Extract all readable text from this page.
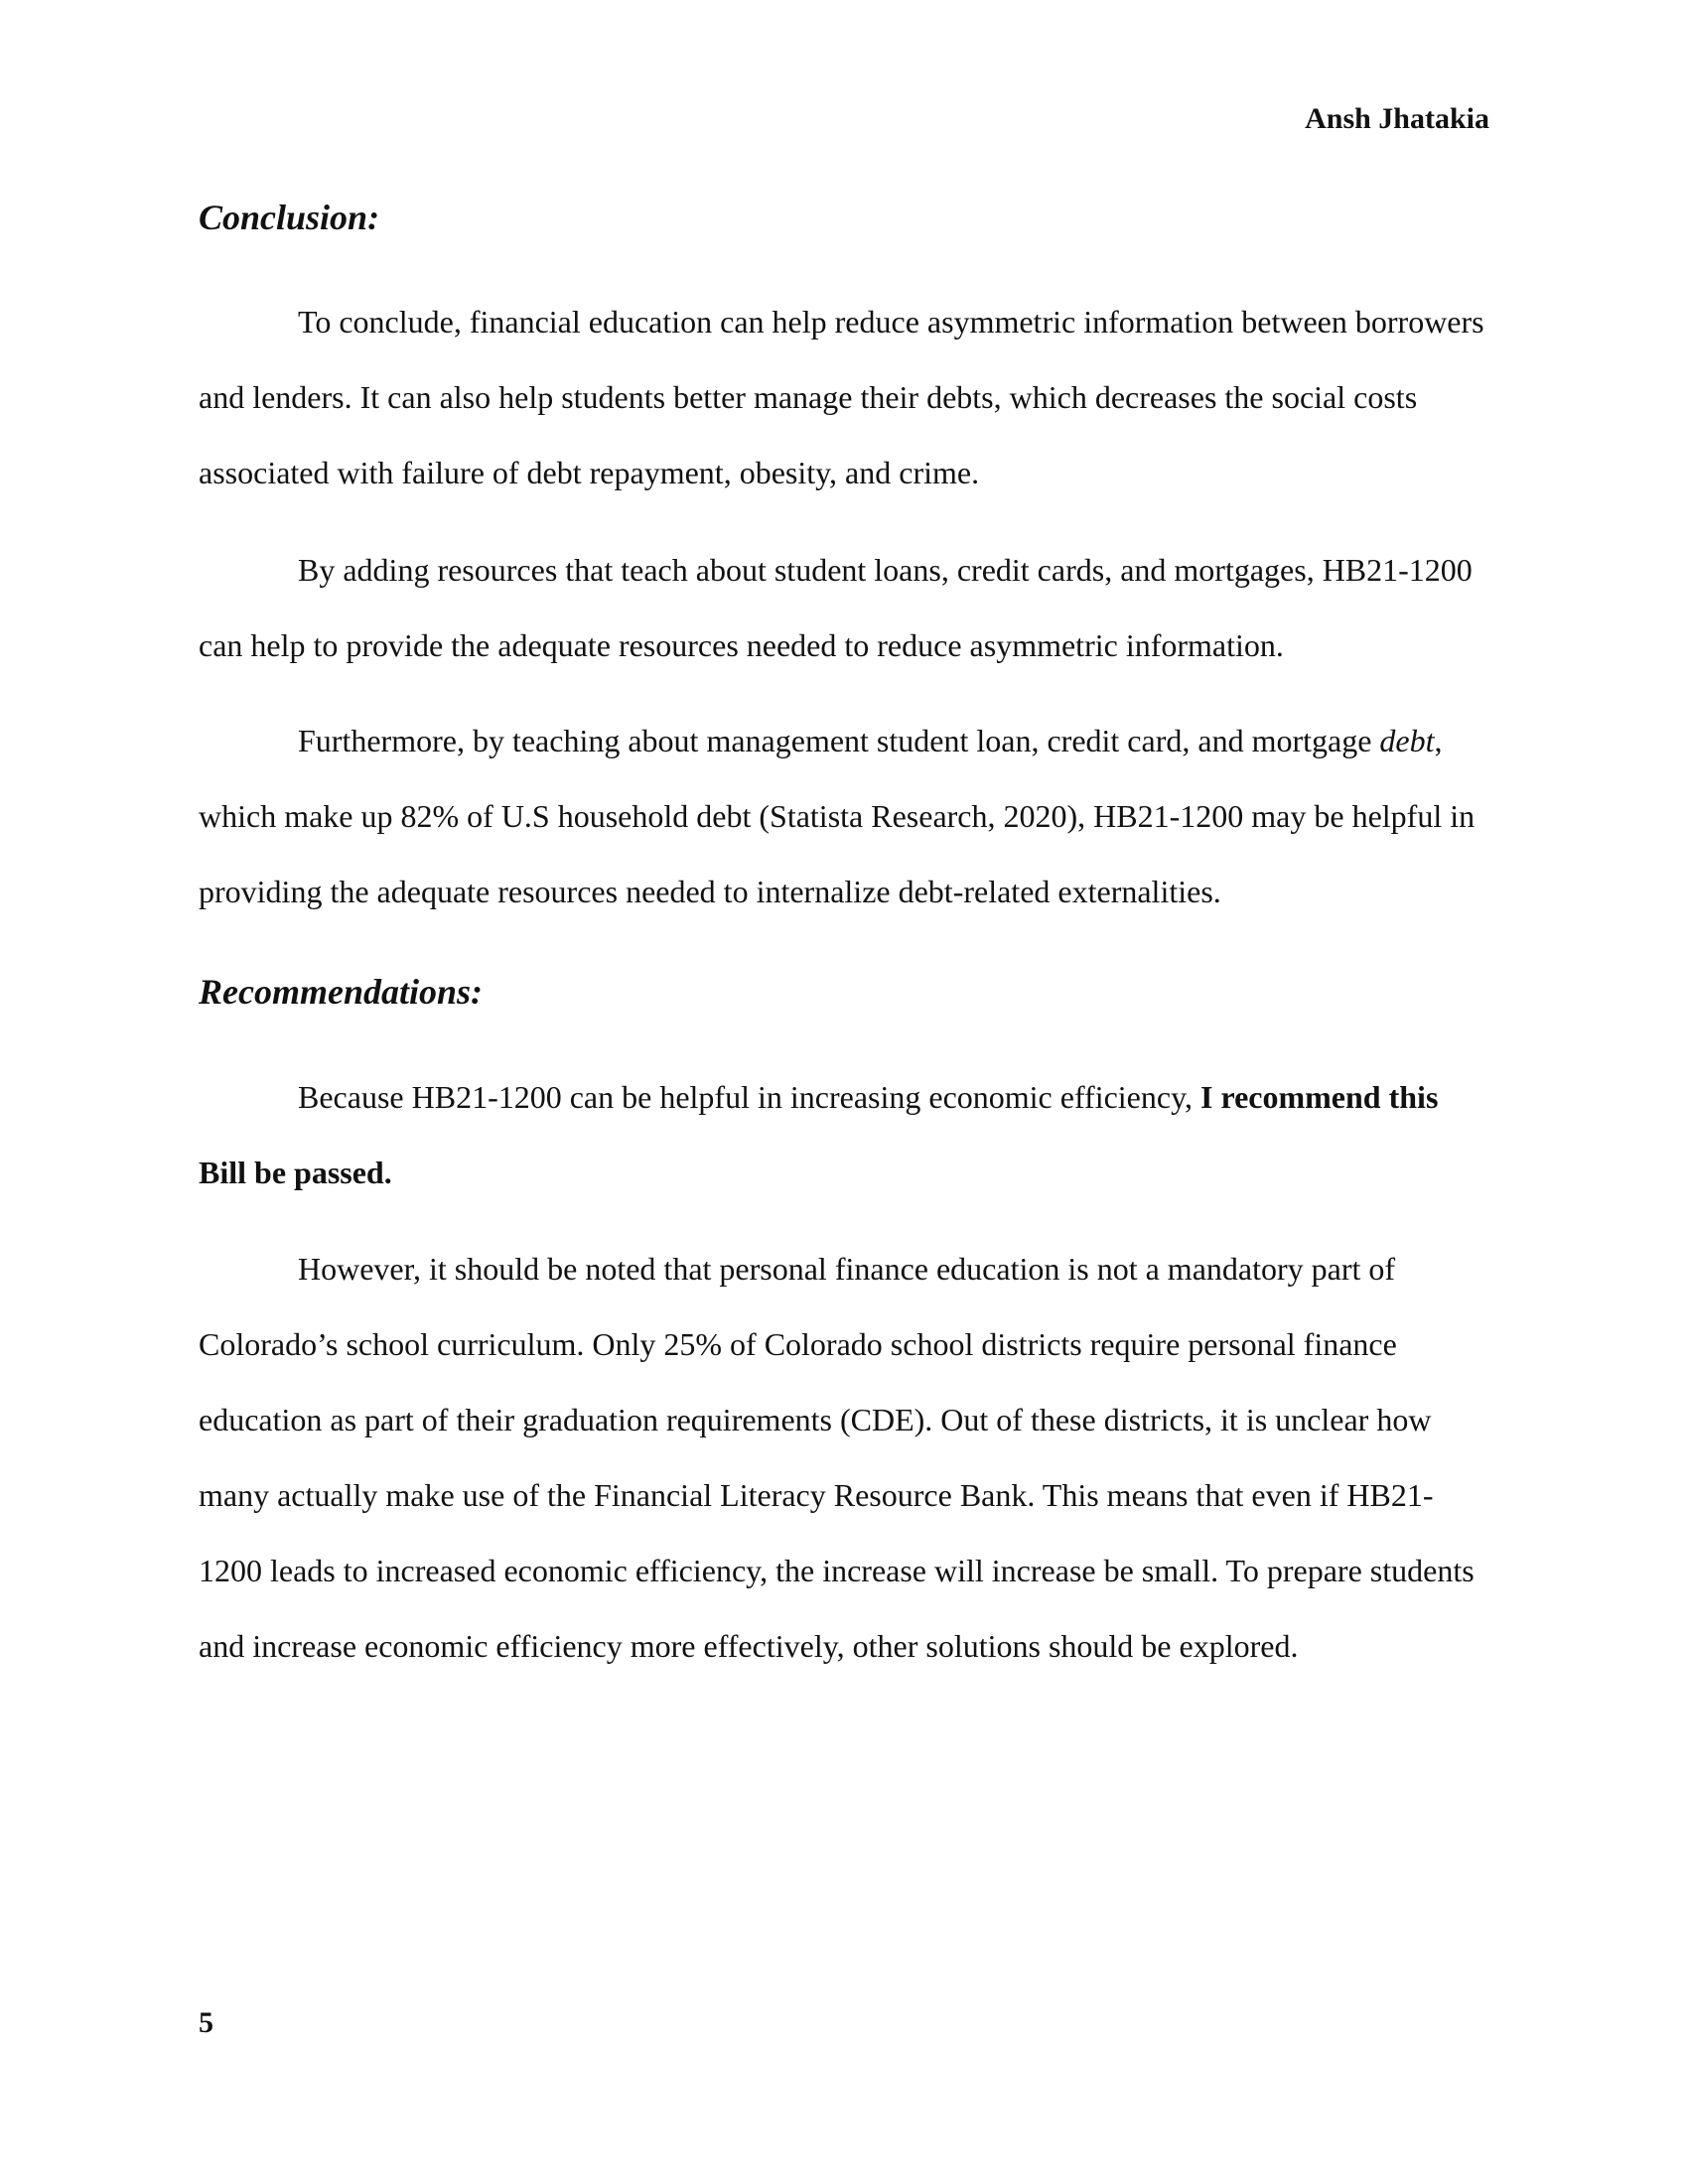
Ansh Jhatakia
Conclusion:

To conclude, financial education can help reduce asymmetric information between borrowers and lenders. It can also help students better manage their debts, which decreases the social costs associated with failure of debt repayment, obesity, and crime.

By adding resources that teach about student loans, credit cards, and mortgages, HB21-1200 can help to provide the adequate resources needed to reduce asymmetric information.

Furthermore, by teaching about management student loan, credit card, and mortgage debt, which make up 82% of U.S household debt (Statista Research, 2020), HB21-1200 may be helpful in providing the adequate resources needed to internalize debt-related externalities.

Recommendations:

Because HB21-1200 can be helpful in increasing economic efficiency, I recommend this Bill be passed.

However, it should be noted that personal finance education is not a mandatory part of Colorado’s school curriculum. Only 25% of Colorado school districts require personal finance education as part of their graduation requirements (CDE). Out of these districts, it is unclear how many actually make use of the Financial Literacy Resource Bank. This means that even if HB21-1200 leads to increased economic efficiency, the increase will increase be small. To prepare students and increase economic efficiency more effectively, other solutions should be explored.

5
